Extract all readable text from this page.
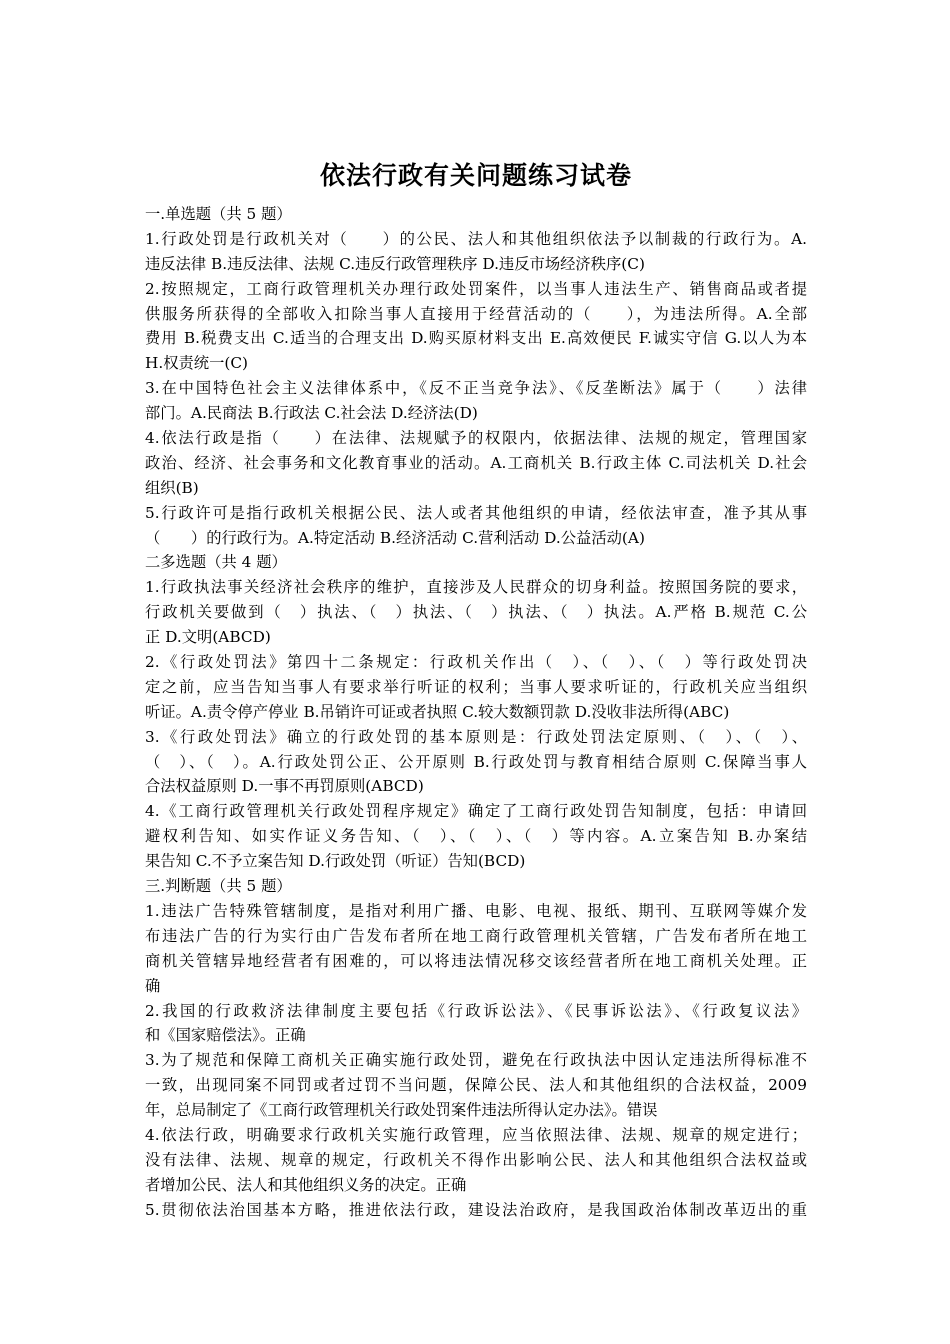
依法行政有关问题练习试卷
一.单选题（共 5 题）
1.行政处罚是行政机关对（　　）的公民、法人和其他组织依法予以制裁的行政行为。A.
违反法律 B.违反法律、法规 C.违反行政管理秩序 D.违反市场经济秩序(C)
2.按照规定，工商行政管理机关办理行政处罚案件，以当事人违法生产、销售商品或者提
供服务所获得的全部收入扣除当事人直接用于经营活动的（　　），为违法所得。A.全部
费用 B.税费支出 C.适当的合理支出 D.购买原材料支出 E.高效便民 F.诚实守信 G.以人为本
H.权责统一(C)
3.在中国特色社会主义法律体系中，《反不正当竞争法》、《反垄断法》属于（　　）法律
部门。A.民商法 B.行政法 C.社会法 D.经济法(D)
4.依法行政是指（　　）在法律、法规赋予的权限内，依据法律、法规的规定，管理国家
政治、经济、社会事务和文化教育事业的活动。A.工商机关 B.行政主体 C.司法机关 D.社会
组织(B)
5.行政许可是指行政机关根据公民、法人或者其他组织的申请，经依法审查，准予其从事
（　　）的行政行为。A.特定活动 B.经济活动 C.营利活动 D.公益活动(A)
二多选题（共 4 题）
1.行政执法事关经济社会秩序的维护，直接涉及人民群众的切身利益。按照国务院的要求，
行政机关要做到（　）执法、（　）执法、（　）执法、（　）执法。A.严格 B.规范 C.公
正 D.文明(ABCD)
2.《行政处罚法》第四十二条规定：行政机关作出（　）、（　）、（　）等行政处罚决
定之前，应当告知当事人有要求举行听证的权利；当事人要求听证的，行政机关应当组织
听证。A.责令停产停业 B.吊销许可证或者执照 C.较大数额罚款 D.没收非法所得(ABC)
3.《行政处罚法》确立的行政处罚的基本原则是：行政处罚法定原则、（　）、（　）、
（　）、（　）。A.行政处罚公正、公开原则 B.行政处罚与教育相结合原则 C.保障当事人
合法权益原则 D.一事不再罚原则(ABCD)
4.《工商行政管理机关行政处罚程序规定》确定了工商行政处罚告知制度，包括：申请回
避权利告知、如实作证义务告知、（　）、（　）、（　）等内容。A.立案告知 B.办案结
果告知 C.不予立案告知 D.行政处罚（听证）告知(BCD)
三.判断题（共 5 题）
1.违法广告特殊管辖制度，是指对利用广播、电影、电视、报纸、期刊、互联网等媒介发
布违法广告的行为实行由广告发布者所在地工商行政管理机关管辖，广告发布者所在地工
商机关管辖异地经营者有困难的，可以将违法情况移交该经营者所在地工商机关处理。正
确
2.我国的行政救济法律制度主要包括《行政诉讼法》、《民事诉讼法》、《行政复议法》
和《国家赔偿法》。正确
3.为了规范和保障工商机关正确实施行政处罚，避免在行政执法中因认定违法所得标准不
一致，出现同案不同罚或者过罚不当问题，保障公民、法人和其他组织的合法权益，2009
年，总局制定了《工商行政管理机关行政处罚案件违法所得认定办法》。错误
4.依法行政，明确要求行政机关实施行政管理，应当依照法律、法规、规章的规定进行；
没有法律、法规、规章的规定，行政机关不得作出影响公民、法人和其他组织合法权益或
者增加公民、法人和其他组织义务的决定。正确
5.贯彻依法治国基本方略，推进依法行政，建设法治政府，是我国政治体制改革迈出的重
